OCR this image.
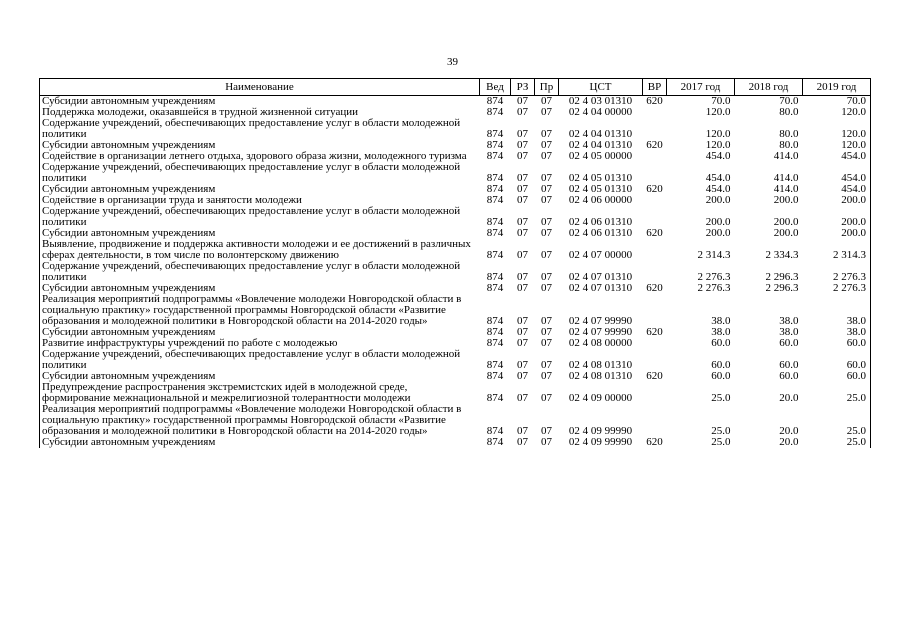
39
Наименование	Вед	РЗ	Пр	ЦСТ	ВР	2017 год	2018 год	2019 год
Субсидии автономным учреждениям	874	07	07	02 4 03 01310	620	70.0	70.0	70.0
Поддержка молодежи, оказавшейся в трудной жизненной ситуации	874	07	07	02 4 04 00000		120.0	80.0	120.0
Содержание учреждений, обеспечивающих предоставление услуг в области молодежной политики	874	07	07	02 4 04 01310		120.0	80.0	120.0
Субсидии автономным учреждениям	874	07	07	02 4 04 01310	620	120.0	80.0	120.0
Содействие в организации летнего отдыха, здорового образа жизни, молодежного туризма	874	07	07	02 4 05 00000		454.0	414.0	454.0
Содержание учреждений, обеспечивающих предоставление услуг в области молодежной политики	874	07	07	02 4 05 01310		454.0	414.0	454.0
Субсидии автономным учреждениям	874	07	07	02 4 05 01310	620	454.0	414.0	454.0
Содействие в организации труда и занятости молодежи	874	07	07	02 4 06 00000		200.0	200.0	200.0
Содержание учреждений, обеспечивающих предоставление услуг в области молодежной политики	874	07	07	02 4 06 01310		200.0	200.0	200.0
Субсидии автономным учреждениям	874	07	07	02 4 06 01310	620	200.0	200.0	200.0
Выявление, продвижение и поддержка активности молодежи и ее достижений в различных сферах деятельности, в том числе по волонтерскому движению	874	07	07	02 4 07 00000		2 314.3	2 334.3	2 314.3
Содержание учреждений, обеспечивающих предоставление услуг в области молодежной политики	874	07	07	02 4 07 01310		2 276.3	2 296.3	2 276.3
Субсидии автономным учреждениям	874	07	07	02 4 07 01310	620	2 276.3	2 296.3	2 276.3
Реализация мероприятий подпрограммы «Вовлечение молодежи Новгородской области в социальную практику» государственной программы Новгородской области «Развитие образования и молодежной политики в Новгородской области на 2014-2020 годы»	874	07	07	02 4 07 99990		38.0	38.0	38.0
Субсидии автономным учреждениям	874	07	07	02 4 07 99990	620	38.0	38.0	38.0
Развитие инфраструктуры учреждений по работе с молодежью	874	07	07	02 4 08 00000		60.0	60.0	60.0
Содержание учреждений, обеспечивающих предоставление услуг в области молодежной политики	874	07	07	02 4 08 01310		60.0	60.0	60.0
Субсидии автономным учреждениям	874	07	07	02 4 08 01310	620	60.0	60.0	60.0
Предупреждение распространения экстремистских идей в молодежной среде, формирование межнациональной и межрелигиозной толерантности молодежи	874	07	07	02 4 09 00000		25.0	20.0	25.0
Реализация мероприятий подпрограммы «Вовлечение молодежи Новгородской области в социальную практику» государственной программы Новгородской области «Развитие образования и молодежной политики в Новгородской области на 2014-2020 годы»	874	07	07	02 4 09 99990		25.0	20.0	25.0
Субсидии автономным учреждениям	874	07	07	02 4 09 99990	620	25.0	20.0	25.0
